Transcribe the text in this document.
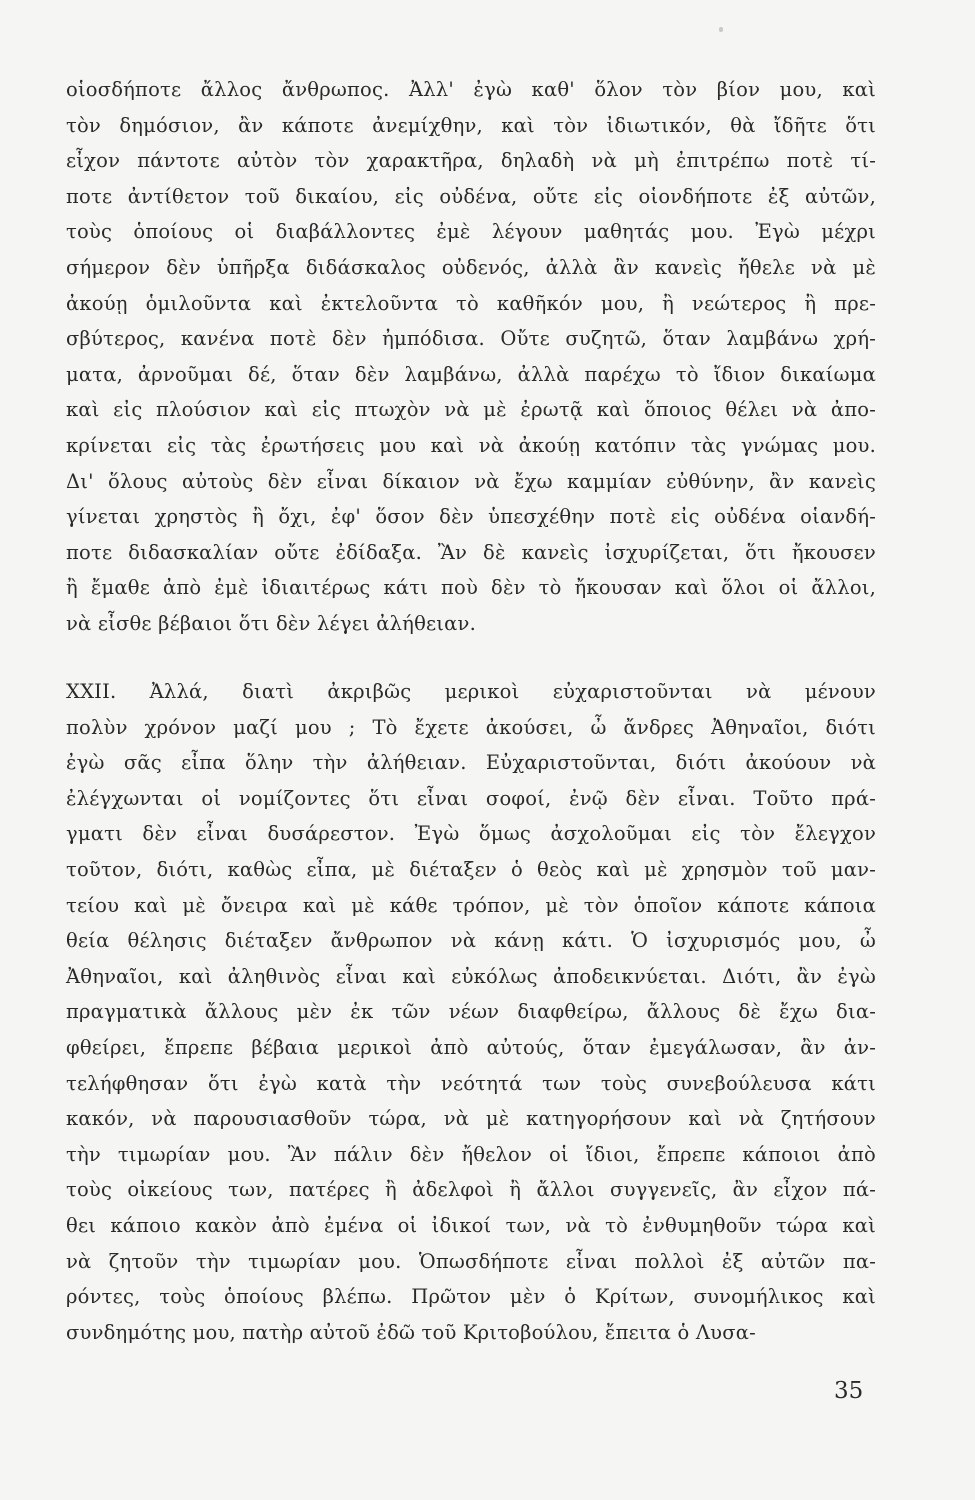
οἱοσδήποτε ἄλλος ἄνθρωπος. Ἀλλ' ἐγὼ καθ' ὅλον τὸν βίον μου, καὶ
τὸν δημόσιον, ἂν κάποτε ἀνεμίχθην, καὶ τὸν ἰδιωτικόν, θὰ ἴδῆτε ὅτι
εἶχον πάντοτε αὐτὸν τὸν χαρακτῆρα, δηλαδὴ νὰ μὴ ἐπιτρέπω ποτὲ τί-
ποτε ἀντίθετον τοῦ δικαίου, εἰς οὐδένα, οὔτε εἰς οἱονδήποτε ἐξ αὐτῶν,
τοὺς ὁποίους οἱ διαβάλλοντες ἐμὲ λέγουν μαθητάς μου. Ἐγὼ μέχρι
σήμερον δὲν ὑπῆρξα διδάσκαλος οὐδενός, ἀλλὰ ἂν κανεὶς ἤθελε νὰ μὲ
ἀκούῃ ὁμιλοῦντα καὶ ἐκτελοῦντα τὸ καθῆκόν μου, ἢ νεώτερος ἢ πρε-
σβύτερος, κανένα ποτὲ δὲν ἠμπόδισα. Οὔτε συζητῶ, ὅταν λαμβάνω χρή-
ματα, ἀρνοῦμαι δέ, ὅταν δὲν λαμβάνω, ἀλλὰ παρέχω τὸ ἴδιον δικαίωμα
καὶ εἰς πλούσιον καὶ εἰς πτωχὸν νὰ μὲ ἐρωτᾷ καὶ ὅποιος θέλει νὰ ἀπο-
κρίνεται εἰς τὰς ἐρωτήσεις μου καὶ νὰ ἀκούῃ κατόπιν τὰς γνώμας μου.
Δι' ὅλους αὐτοὺς δὲν εἶναι δίκαιον νὰ ἔχω καμμίαν εὐθύνην, ἂν κανεὶς
γίνεται χρηστὸς ἢ ὄχι, ἐφ' ὅσον δὲν ὑπεσχέθην ποτὲ εἰς οὐδένα οἱανδή-
ποτε διδασκαλίαν οὔτε ἐδίδαξα. Ἂν δὲ κανεὶς ἰσχυρίζεται, ὅτι ἤκουσεν
ἢ ἔμαθε ἀπὸ ἐμὲ ἰδιαιτέρως κάτι ποὺ δὲν τὸ ἤκουσαν καὶ ὅλοι οἱ ἄλλοι,
νὰ εἶσθε βέβαιοι ὅτι δὲν λέγει ἀλήθειαν.
XXII. Ἀλλά, διατὶ ἀκριβῶς μερικοὶ εὐχαριστοῦνται νὰ μένουν
πολὺν χρόνον μαζί μου ; Τὸ ἔχετε ἀκούσει, ὦ ἄνδρες Ἀθηναῖοι, διότι
ἐγὼ σᾶς εἶπα ὅλην τὴν ἀλήθειαν. Εὐχαριστοῦνται, διότι ἀκούουν νὰ
ἐλέγχωνται οἱ νομίζοντες ὅτι εἶναι σοφοί, ἐνῷ δὲν εἶναι. Τοῦτο πρά-
γματι δὲν εἶναι δυσάρεστον. Ἐγὼ ὅμως ἀσχολοῦμαι εἰς τὸν ἔλεγχον
τοῦτον, διότι, καθὼς εἶπα, μὲ διέταξεν ὁ θεὸς καὶ μὲ χρησμὸν τοῦ μαν-
τείου καὶ μὲ ὄνειρα καὶ μὲ κάθε τρόπον, μὲ τὸν ὁποῖον κάποτε κάποια
θεία θέλησις διέταξεν ἄνθρωπον νὰ κάνῃ κάτι. Ὁ ἰσχυρισμός μου, ὦ
Ἀθηναῖοι, καὶ ἀληθινὸς εἶναι καὶ εὐκόλως ἀποδεικνύεται. Διότι, ἂν ἐγὼ
πραγματικὰ ἄλλους μὲν ἐκ τῶν νέων διαφθείρω, ἄλλους δὲ ἔχω δια-
φθείρει, ἔπρεπε βέβαια μερικοὶ ἀπὸ αὐτούς, ὅταν ἐμεγάλωσαν, ἂν ἀν-
τελήφθησαν ὅτι ἐγὼ κατὰ τὴν νεότητά των τοὺς συνεβούλευσα κάτι
κακόν, νὰ παρουσιασθοῦν τώρα, νὰ μὲ κατηγορήσουν καὶ νὰ ζητήσουν
τὴν τιμωρίαν μου. Ἂν πάλιν δὲν ἤθελον οἱ ἴδιοι, ἔπρεπε κάποιοι ἀπὸ
τοὺς οἰκείους των, πατέρες ἢ ἀδελφοὶ ἢ ἄλλοι συγγενεῖς, ἂν εἶχον πά-
θει κάποιο κακὸν ἀπὸ ἐμένα οἱ ἰδικοί των, νὰ τὸ ἐνθυμηθοῦν τώρα καὶ
νὰ ζητοῦν τὴν τιμωρίαν μου. Ὁπωσδήποτε εἶναι πολλοὶ ἐξ αὐτῶν πα-
ρόντες, τοὺς ὁποίους βλέπω. Πρῶτον μὲν ὁ Κρίτων, συνομήλικος καὶ
συνδημότης μου, πατὴρ αὐτοῦ ἐδῶ τοῦ Κριτοβούλου, ἔπειτα ὁ Λυσα-
35
